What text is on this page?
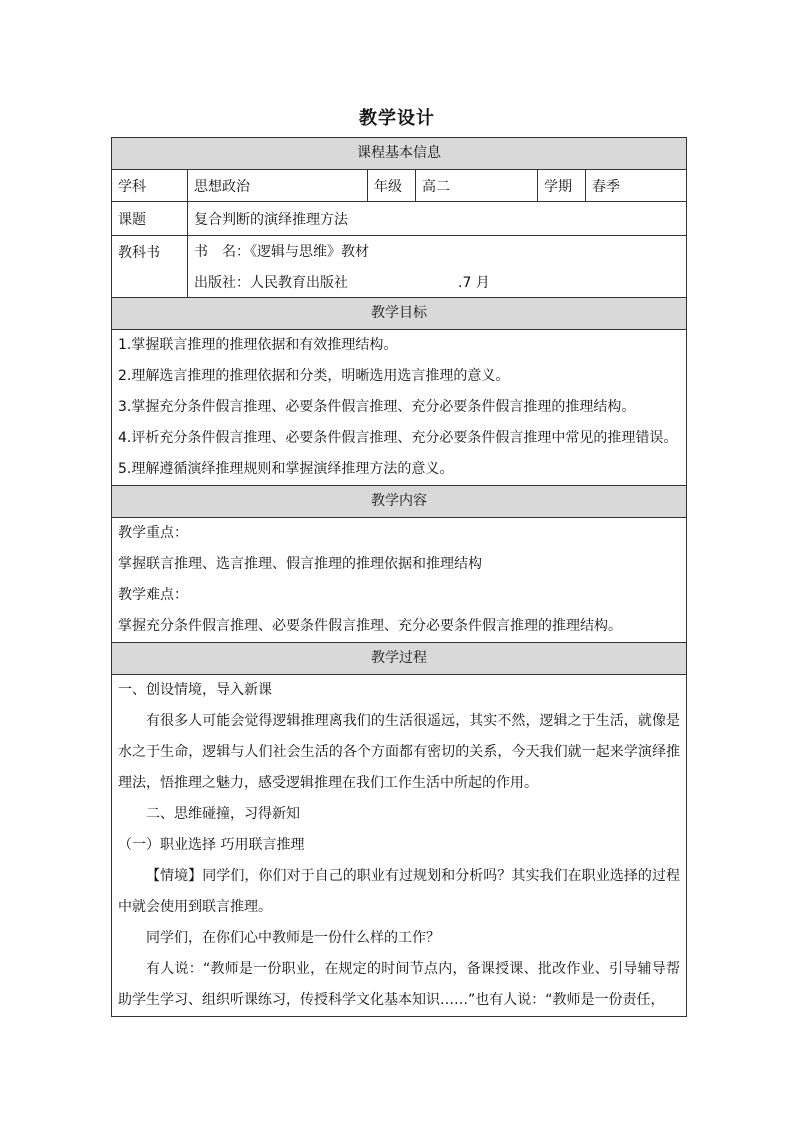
教学设计
课程基本信息
学科	思想政治	年级	高二	学期	春季
课题	复合判断的演绎推理方法
教科书	书　名：《逻辑与思维》教材
出版社：人民教育出版社	.7 月
教学目标
1.掌握联言推理的推理依据和有效推理结构。
2.理解选言推理的推理依据和分类，明晰选用选言推理的意义。
3.掌握充分条件假言推理、必要条件假言推理、充分必要条件假言推理的推理结构。
4.评析充分条件假言推理、必要条件假言推理、充分必要条件假言推理中常见的推理错误。
5.理解遵循演绎推理规则和掌握演绎推理方法的意义。
教学内容
教学重点：
掌握联言推理、选言推理、假言推理的推理依据和推理结构
教学难点：
掌握充分条件假言推理、必要条件假言推理、充分必要条件假言推理的推理结构。
教学过程
一、创设情境，导入新课
有很多人可能会觉得逻辑推理离我们的生活很遥远，其实不然，逻辑之于生活，就像是水之于生命，逻辑与人们社会生活的各个方面都有密切的关系，今天我们就一起来学演绎推理法，悟推理之魅力，感受逻辑推理在我们工作生活中所起的作用。
二、思维碰撞，习得新知
（一）职业选择 巧用联言推理
【情境】同学们，你们对于自己的职业有过规划和分析吗？其实我们在职业选择的过程中就会使用到联言推理。
同学们，在你们心中教师是一份什么样的工作？
有人说：“教师是一份职业，在规定的时间节点内，备课授课、批改作业、引导辅导帮助学生学习、组织听课练习，传授科学文化基本知识……”也有人说：“教师是一份责任，
